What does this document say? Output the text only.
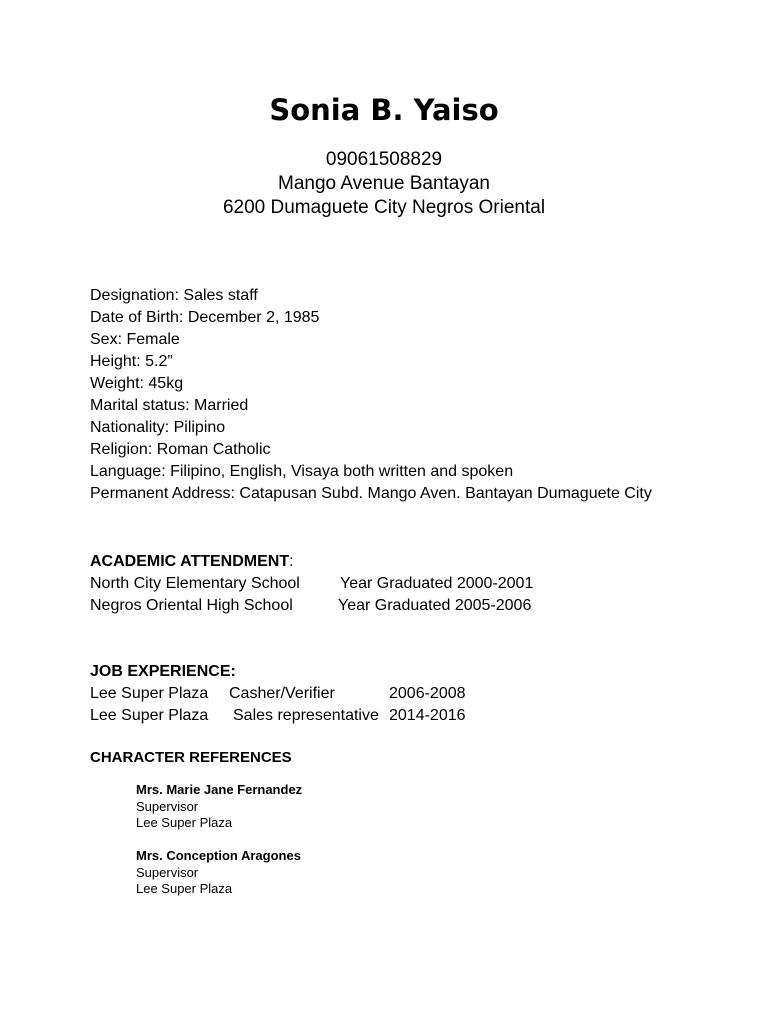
Sonia B. Yaiso
09061508829
Mango Avenue Bantayan
6200 Dumaguete City Negros Oriental
Designation: Sales staff
Date of Birth: December 2, 1985
Sex: Female
Height: 5.2”
Weight: 45kg
Marital status: Married
Nationality: Pilipino
Religion: Roman Catholic
Language: Filipino, English, Visaya both written and spoken
Permanent Address: Catapusan Subd. Mango Aven. Bantayan Dumaguete City
ACADEMIC ATTENDMENT:
North City Elementary School	Year Graduated 2000-2001
Negros Oriental High School	Year Graduated 2005-2006
JOB EXPERIENCE:
Lee Super Plaza Casher/Verifier	2006-2008
Lee Super Plaza Sales representative 2014-2016
CHARACTER REFERENCES
Mrs. Marie Jane Fernandez
Supervisor
Lee Super Plaza
Mrs. Conception Aragones
Supervisor
Lee Super Plaza
